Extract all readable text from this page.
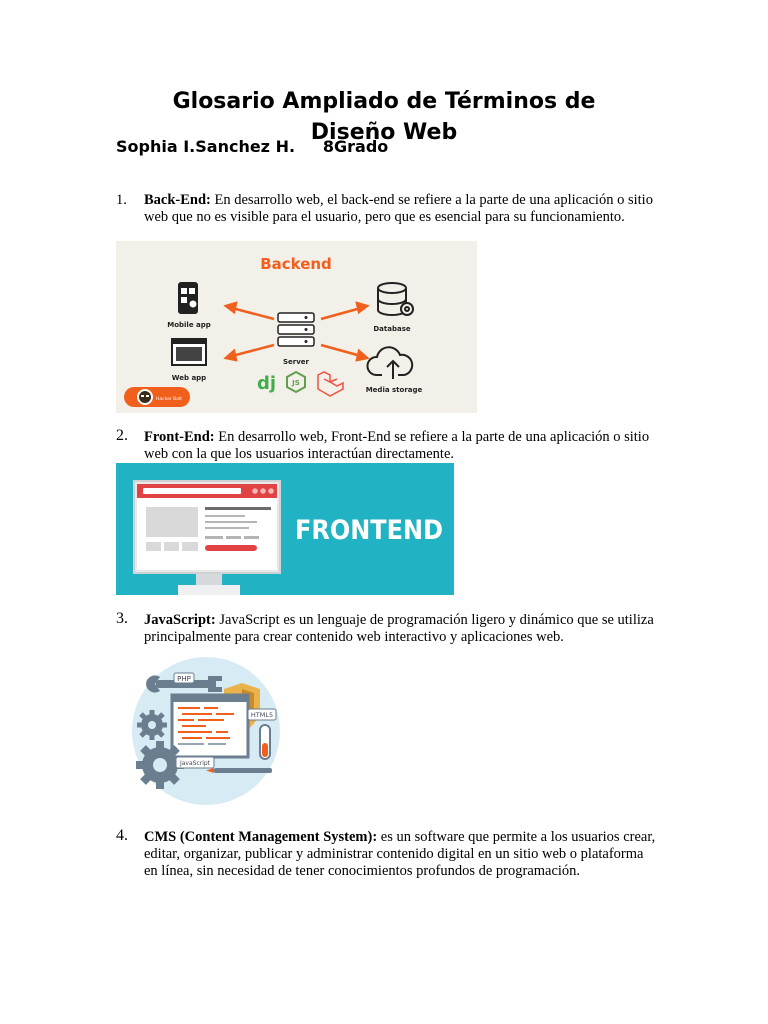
Glosario Ampliado de Términos de
Diseño Web
Sophia I.Sanchez H.     8Grado
1. Back-End: En desarrollo web, el back-end se refiere a la parte de una aplicación o sitio web que no es visible para el usuario, pero que es esencial para su funcionamiento.
Backend
Mobile app
Web app
Server
Database
Media storage
dj JS
Hacker Bolt
2. Front-End: En desarrollo web, Front-End se refiere a la parte de una aplicación o sitio web con la que los usuarios interactúan directamente.
FRONTEND
3. JavaScript: JavaScript es un lenguaje de programación ligero y dinámico que se utiliza principalmente para crear contenido web interactivo y aplicaciones web.
PHP
HTML5
JavaScript
4. CMS (Content Management System): es un software que permite a los usuarios crear, editar, organizar, publicar y administrar contenido digital en un sitio web o plataforma en línea, sin necesidad de tener conocimientos profundos de programación.
